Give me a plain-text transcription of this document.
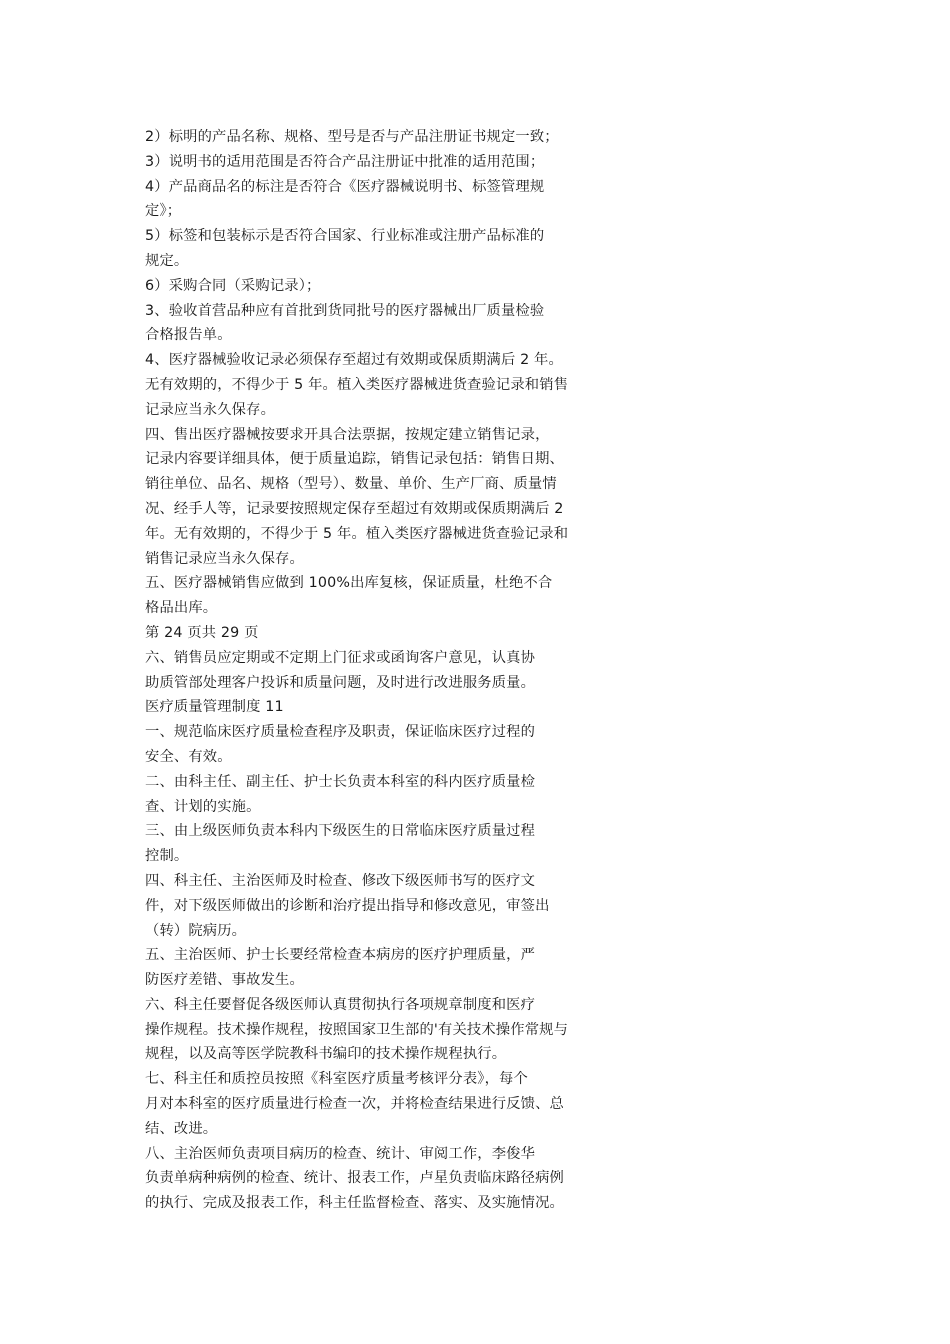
2）标明的产品名称、规格、型号是否与产品注册证书规定一致；
3）说明书的适用范围是否符合产品注册证中批准的适用范围；
4）产品商品名的标注是否符合《医疗器械说明书、标签管理规
定》；
5）标签和包装标示是否符合国家、行业标准或注册产品标准的
规定。
6）采购合同（采购记录）；
3、验收首营品种应有首批到货同批号的医疗器械出厂质量检验
合格报告单。
4、医疗器械验收记录必须保存至超过有效期或保质期满后 2 年。
无有效期的，不得少于 5 年。植入类医疗器械进货查验记录和销售
记录应当永久保存。
四、售出医疗器械按要求开具合法票据，按规定建立销售记录，
记录内容要详细具体，便于质量追踪，销售记录包括：销售日期、
销往单位、品名、规格（型号）、数量、单价、生产厂商、质量情
况、经手人等，记录要按照规定保存至超过有效期或保质期满后 2
年。无有效期的，不得少于 5 年。植入类医疗器械进货查验记录和
销售记录应当永久保存。
五、医疗器械销售应做到 100%出库复核，保证质量，杜绝不合
格品出库。
第 24 页共 29 页
六、销售员应定期或不定期上门征求或函询客户意见，认真协
助质管部处理客户投诉和质量问题，及时进行改进服务质量。
医疗质量管理制度 11
一、规范临床医疗质量检查程序及职责，保证临床医疗过程的
安全、有效。
二、由科主任、副主任、护士长负责本科室的科内医疗质量检
查、计划的实施。
三、由上级医师负责本科内下级医生的日常临床医疗质量过程
控制。
四、科主任、主治医师及时检查、修改下级医师书写的医疗文
件，对下级医师做出的诊断和治疗提出指导和修改意见，审签出
（转）院病历。
五、主治医师、护士长要经常检查本病房的医疗护理质量，严
防医疗差错、事故发生。
六、科主任要督促各级医师认真贯彻执行各项规章制度和医疗
操作规程。技术操作规程，按照国家卫生部的'有关技术操作常规与
规程，以及高等医学院教科书编印的技术操作规程执行。
七、科主任和质控员按照《科室医疗质量考核评分表》，每个
月对本科室的医疗质量进行检查一次，并将检查结果进行反馈、总
结、改进。
八、主治医师负责项目病历的检查、统计、审阅工作，李俊华
负责单病种病例的检查、统计、报表工作，卢星负责临床路径病例
的执行、完成及报表工作，科主任监督检查、落实、及实施情况。
